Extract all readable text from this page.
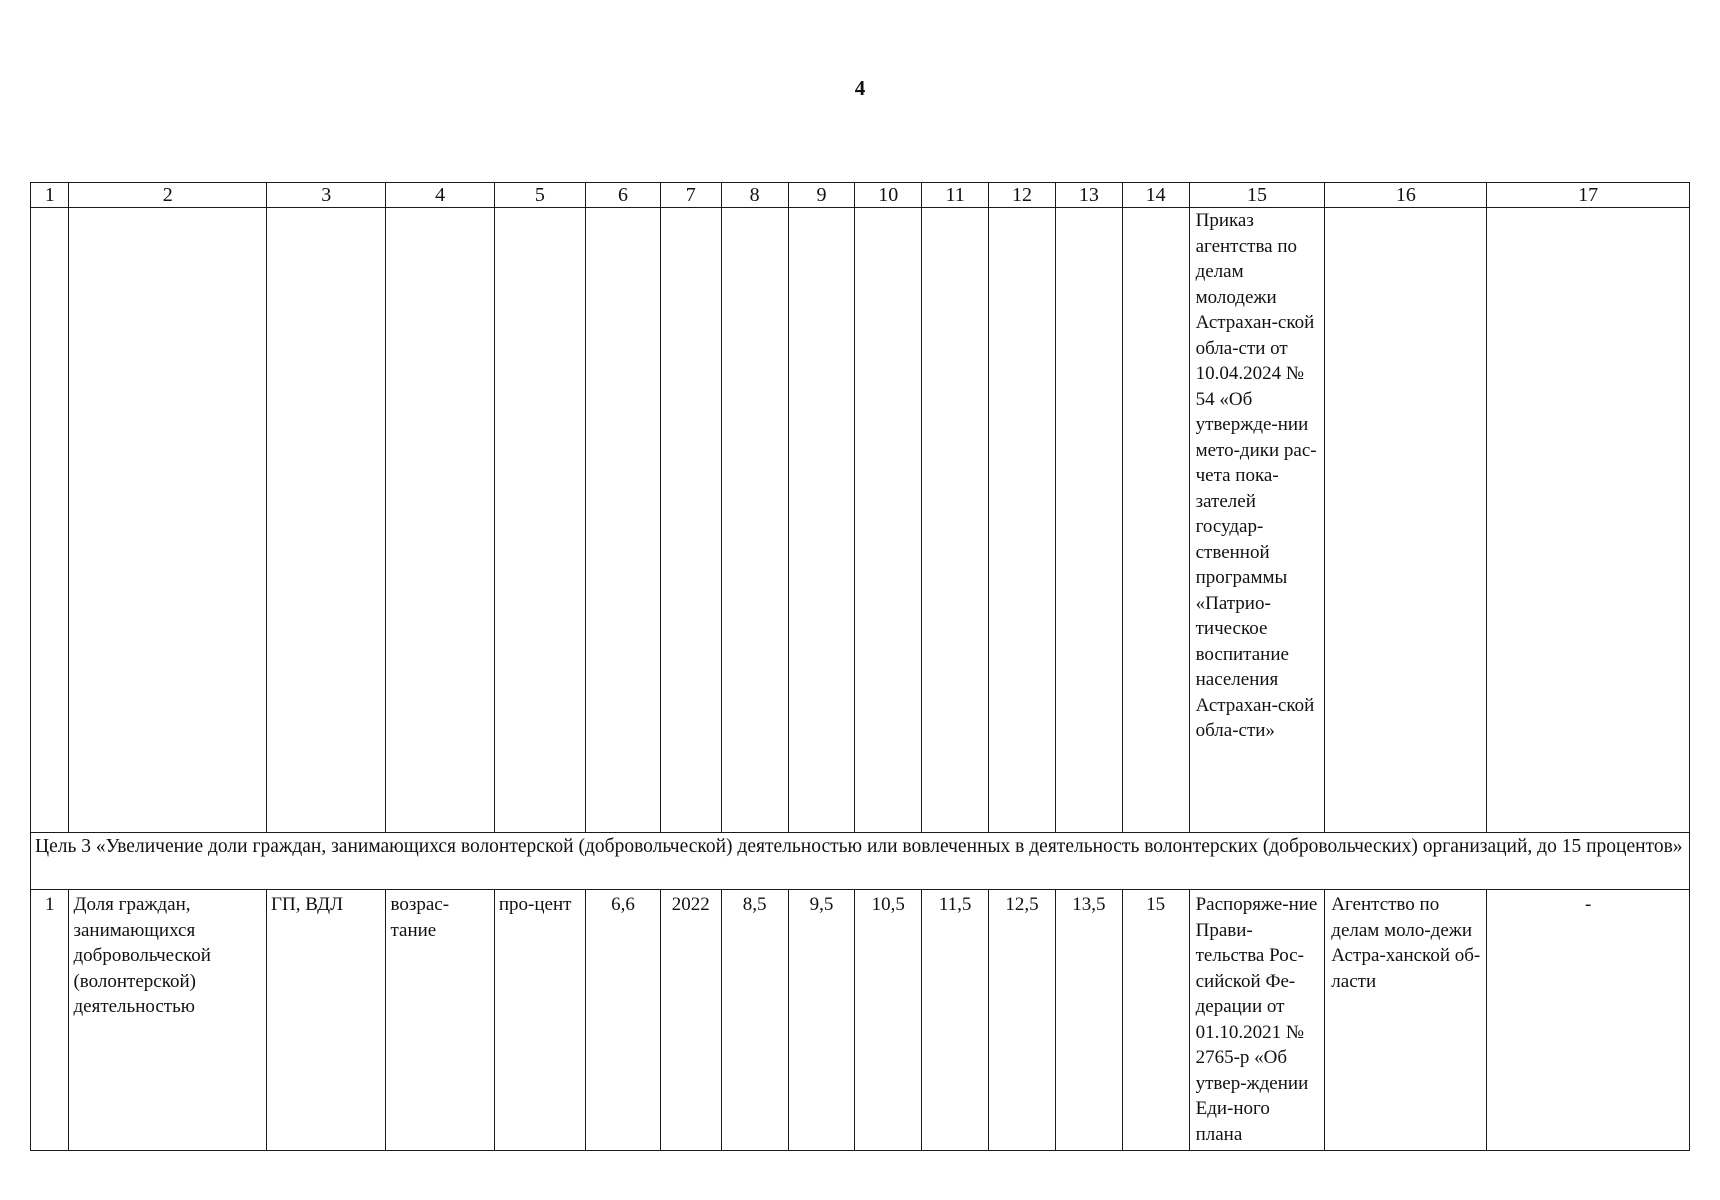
4
1	2	3	4	5	6	7	8	9	10	11	12	13	14	15	16	17
														Приказ агентства по делам молодежи Астрахан-ской обла-сти от 10.04.2024 № 54 «Об утвержде-нии мето-дики рас-чета пока-зателей государ-ственной программы «Патрио-тическое воспитание населения Астрахан-ской обла-сти»		
Цель 3 «Увеличение доли граждан, занимающихся волонтерской (добровольческой) деятельностью или вовлеченных в деятельность волонтерских (добровольческих) организаций, до 15 процентов»																
1	Доля граждан, занимающихся добровольческой (волонтерской) деятельностью	ГП, ВДЛ	возрас-тание	про-цент	6,6	2022	8,5	9,5	10,5	11,5	12,5	13,5	15	Распоряже-ние Прави-тельства Рос-сийской Фе-дерации от 01.10.2021 № 2765-р «Об утвер-ждении Еди-ного плана	Агентство по делам моло-дежи Астра-ханской об-ласти	-
